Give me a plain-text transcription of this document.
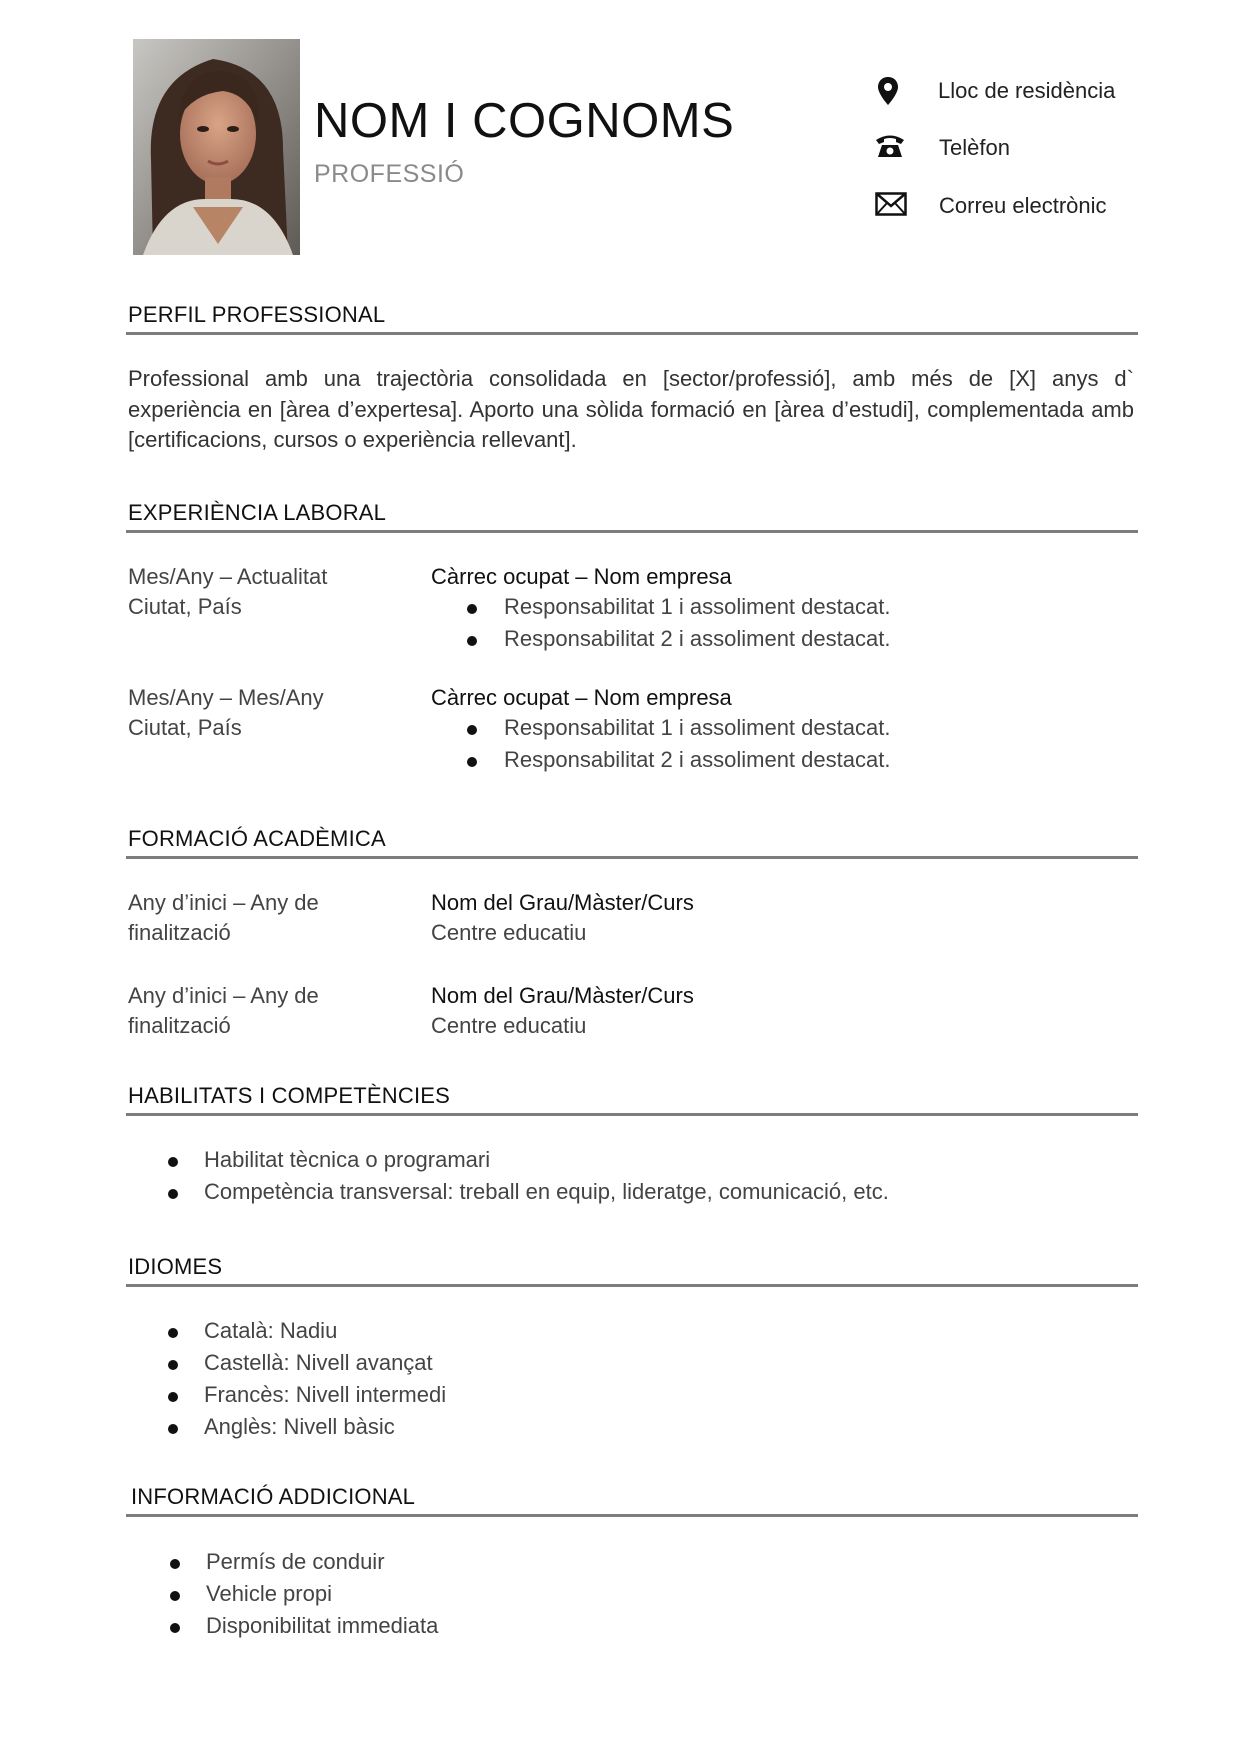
NOM I COGNOMS
PROFESSIÓ
Lloc de residència
Telèfon
Correu electrònic
PERFIL PROFESSIONAL
Professional amb una trajectòria consolidada en [sector/professió], amb més de [X] anys d` experiència en [àrea d’expertesa]. Aporto una sòlida formació en [àrea d’estudi], complementada amb [certificacions, cursos o experiència rellevant].
EXPERIÈNCIA LABORAL
Mes/Any – Actualitat
Ciutat, País
Càrrec ocupat – Nom empresa
Responsabilitat 1 i assoliment destacat.
Responsabilitat 2 i assoliment destacat.
Mes/Any – Mes/Any
Ciutat, País
Càrrec ocupat – Nom empresa
Responsabilitat 1 i assoliment destacat.
Responsabilitat 2 i assoliment destacat.
FORMACIÓ ACADÈMICA
Any d’inici – Any de
finalització
Nom del Grau/Màster/Curs
Centre educatiu
Any d’inici – Any de
finalització
Nom del Grau/Màster/Curs
Centre educatiu
HABILITATS I COMPETÈNCIES
Habilitat tècnica o programari
Competència transversal: treball en equip, lideratge, comunicació, etc.
IDIOMES
Català: Nadiu
Castellà: Nivell avançat
Francès: Nivell intermedi
Anglès: Nivell bàsic
INFORMACIÓ ADDICIONAL
Permís de conduir
Vehicle propi
Disponibilitat immediata
